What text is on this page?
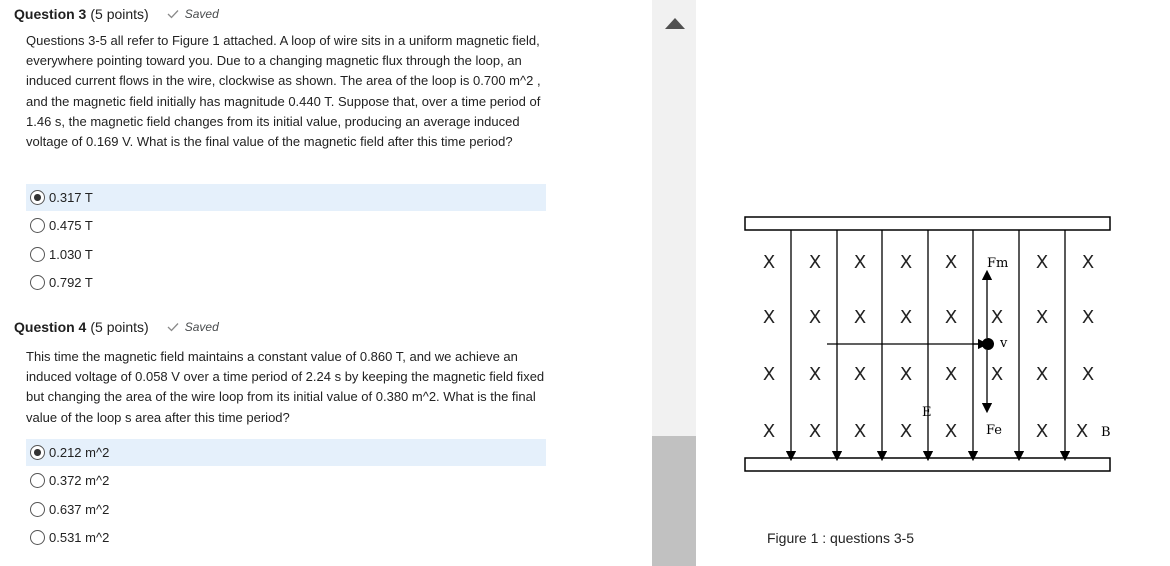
Question 3 (5 points)	Saved
Questions 3-5 all refer to Figure 1 attached. A loop of wire sits in a uniform magnetic field, everywhere pointing toward you. Due to a changing magnetic flux through the loop, an induced current flows in the wire, clockwise as shown. The area of the loop is 0.700 m^2 , and the magnetic field initially has magnitude 0.440 T. Suppose that, over a time period of 1.46 s, the magnetic field changes from its initial value, producing an average induced voltage of 0.169 V. What is the final value of the magnetic field after this time period?
0.317 T
0.475 T
1.030 T
0.792 T
Question 4 (5 points)	Saved
This time the magnetic field maintains a constant value of 0.860 T, and we achieve an induced voltage of 0.058 V over a time period of 2.24 s by keeping the magnetic field fixed but changing the area of the wire loop from its initial value of 0.380 m^2. What is the final value of the loop s area after this time period?
0.212 m^2
0.372 m^2
0.637 m^2
0.531 m^2
X X X X X	X X
X X X X X X X X
X X X X X X X X
X X X X X	X X
Fm
v
E
Fe	B
Figure 1 : questions 3-5
